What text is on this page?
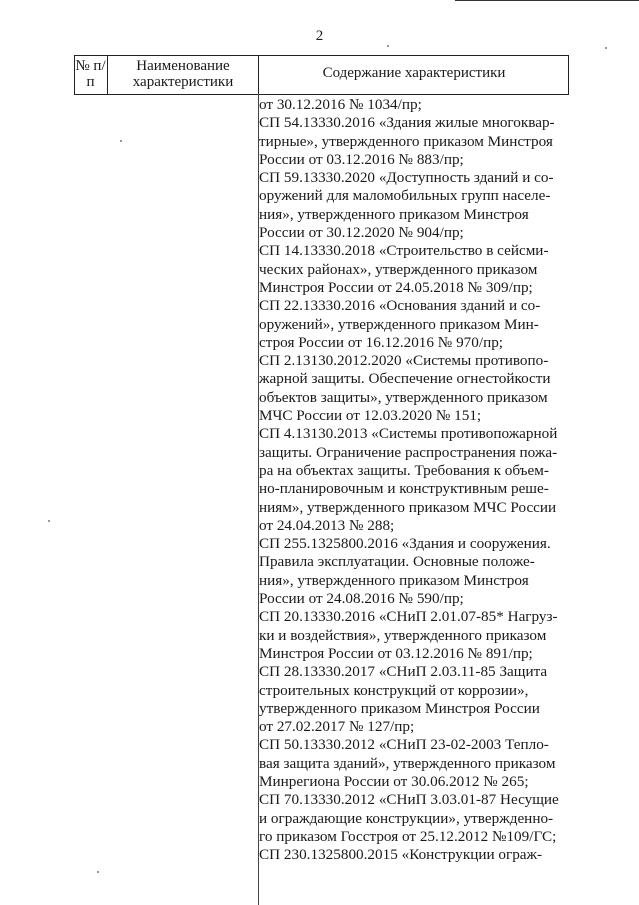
2
№ п/п
Наименование характеристики
Содержание характеристики

от 30.12.2016 № 1034/пр;

СП 54.13330.2016 «Здания жилые многоквар-

тирные», утвержденного приказом Минстроя

России от 03.12.2016 № 883/пр;

СП 59.13330.2020 «Доступность зданий и со-

оружений для маломобильных групп населе-

ния», утвержденного приказом Минстроя

России от 30.12.2020 № 904/пр;

СП 14.13330.2018 «Строительство в сейсми-

ческих районах», утвержденного приказом

Минстроя России от 24.05.2018 № 309/пр;

СП 22.13330.2016 «Основания зданий и со-

оружений», утвержденного приказом Мин-

строя России от 16.12.2016 № 970/пр;

СП 2.13130.2012.2020 «Системы противопо-

жарной защиты. Обеспечение огнестойкости

объектов защиты», утвержденного приказом

МЧС России от 12.03.2020 № 151;

СП 4.13130.2013 «Системы противопожарной

защиты. Ограничение распространения пожа-

ра на объектах защиты. Требования к объем-

но-планировочным и конструктивным реше-

ниям», утвержденного приказом МЧС России

от 24.04.2013 № 288;

СП 255.1325800.2016 «Здания и сооружения.

Правила эксплуатации. Основные положе-

ния», утвержденного приказом Минстроя

России от 24.08.2016 № 590/пр;

СП 20.13330.2016 «СНиП 2.01.07-85* Нагруз-

ки и воздействия», утвержденного приказом

Минстроя России от 03.12.2016 № 891/пр;

СП 28.13330.2017 «СНиП 2.03.11-85 Защита

строительных конструкций от коррозии»,

утвержденного приказом Минстроя России

от 27.02.2017 № 127/пр;

СП 50.13330.2012 «СНиП 23-02-2003 Тепло-

вая защита зданий», утвержденного приказом

Минрегиона России от 30.06.2012 № 265;

СП 70.13330.2012 «СНиП 3.03.01-87 Несущие

и ограждающие конструкции», утвержденно-

го приказом Госстроя от 25.12.2012 №109/ГС;

СП 230.1325800.2015 «Конструкции ограж-
